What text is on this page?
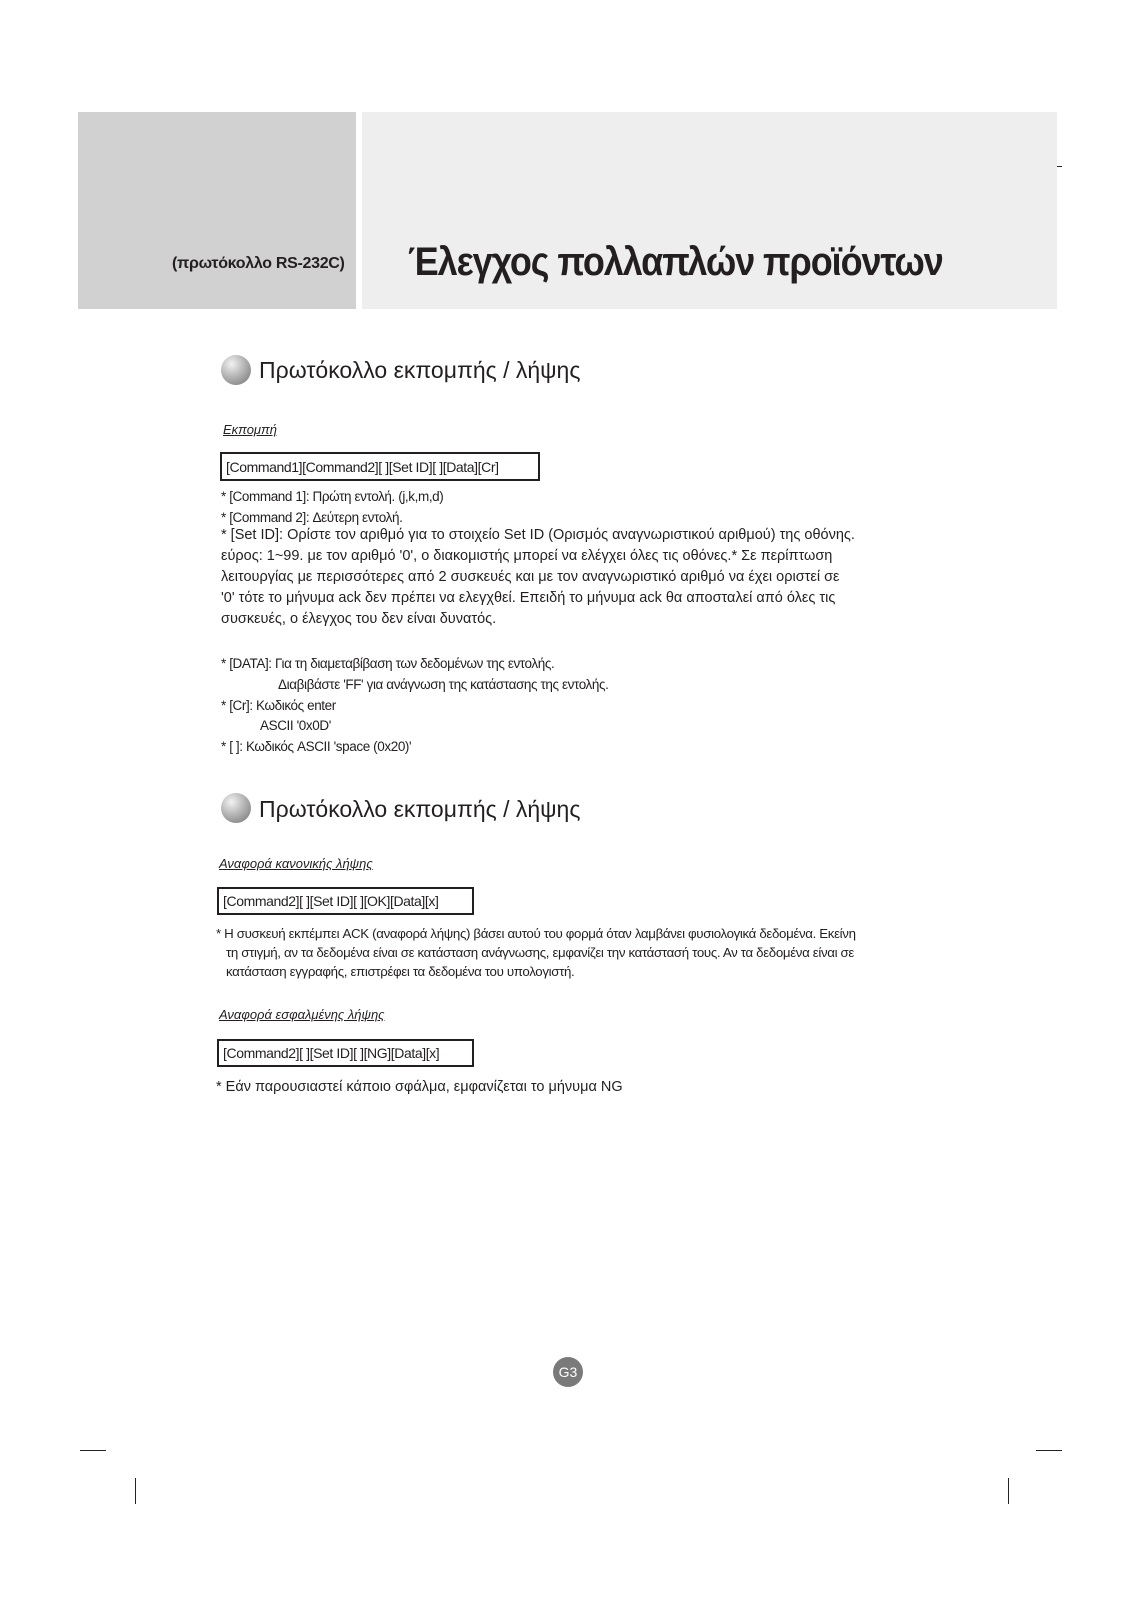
(πρωτόκολλο RS-232C) Έλεγχος πολλαπλών προϊόντων
Πρωτόκολλο εκπομπής / λήψης
Εκπομπή
[Command1][Command2][ ][Set ID][ ][Data][Cr]
* [Command 1]: Πρώτη εντολή. (j,k,m,d)
* [Command 2]: Δεύτερη εντολή.
* [Set ID]: Ορίστε τον αριθμό για το στοιχείο Set ID (Ορισμός αναγνωριστικού αριθμού) της οθόνης.
εύρος: 1~99. με τον αριθμό '0', ο διακομιστής μπορεί να ελέγχει όλες τις οθόνες.* Σε περίπτωση
λειτουργίας με περισσότερες από 2 συσκευές και με τον αναγνωριστικό αριθμό να έχει οριστεί σε
'0' τότε το μήνυμα ack δεν πρέπει να ελεγχθεί. Επειδή το μήνυμα ack θα αποσταλεί από όλες τις
συσκευές, ο έλεγχος του δεν είναι δυνατός.
* [DATA]: Για τη διαμεταβίβαση των δεδομένων της εντολής.
Διαβιβάστε 'FF' για ανάγνωση της κατάστασης της εντολής.
* [Cr]: Κωδικός enter
ASCII '0x0D'
* [ ]: Κωδικός ASCII 'space (0x20)'
Πρωτόκολλο εκπομπής / λήψης
Αναφορά κανονικής λήψης
[Command2][ ][Set ID][ ][OK][Data][x]
* Η συσκευή εκπέμπει ACK (αναφορά λήψης) βάσει αυτού του φορμά όταν λαμβάνει φυσιολογικά δεδομένα. Εκείνη
τη στιγμή, αν τα δεδομένα είναι σε κατάσταση ανάγνωσης, εμφανίζει την κατάστασή τους. Αν τα δεδομένα είναι σε
κατάσταση εγγραφής, επιστρέφει τα δεδομένα του υπολογιστή.
Αναφορά εσφαλμένης λήψης
[Command2][ ][Set ID][ ][NG][Data][x]
* Εάν παρουσιαστεί κάποιο σφάλμα, εμφανίζεται το μήνυμα NG
G3
